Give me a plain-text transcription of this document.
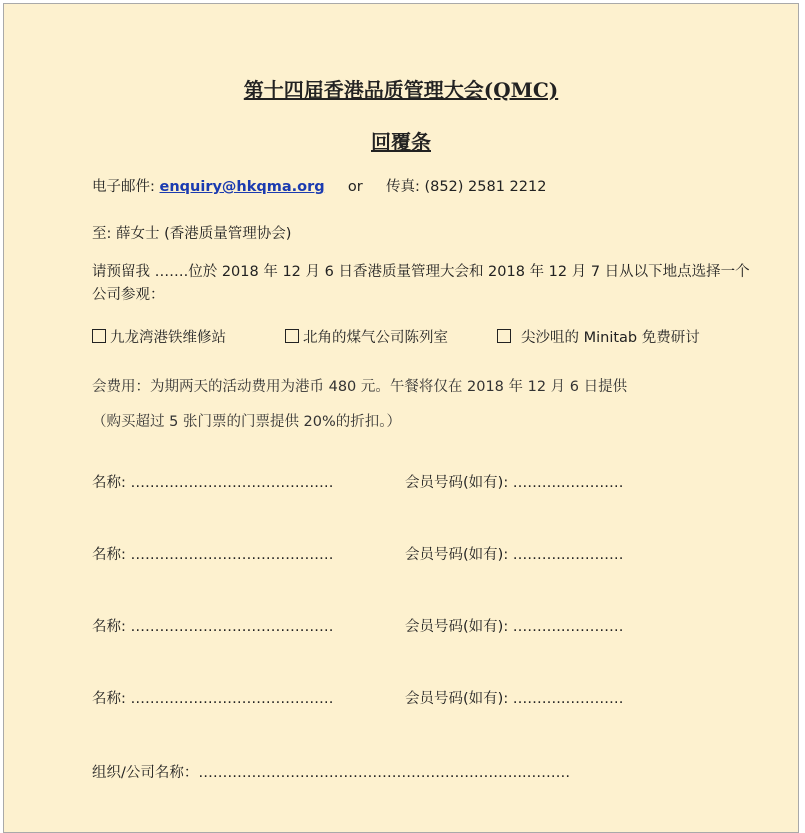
第十四届香港品质管理大会(QMC)
回覆条
电子邮件: enquiry@hkqma.org or 传真: (852) 2581 2212
至: 薛女士 (香港质量管理协会)
请预留我 …….位於 2018 年 12 月 6 日香港质量管理大会和 2018 年 12 月 7 日从以下地点选择一个公司参观：
九龙湾港铁维修站	北角的煤气公司陈列室	尖沙咀的 Minitab 免费研讨
会费用：为期两天的活动费用为港币 480 元。午餐将仅在 2018 年 12 月 6 日提供
（购买超过 5 张门票的门票提供 20%的折扣。）
名称: ……………………………………	会员号码(如有): ………..…………
名称: ……………………………………	会员号码(如有): ………..…………
名称: ……………………………………	会员号码(如有): ………..…………
名称: ……………………………………	会员号码(如有): ………..…………
组织/公司名称：…………………………………………………………..………
